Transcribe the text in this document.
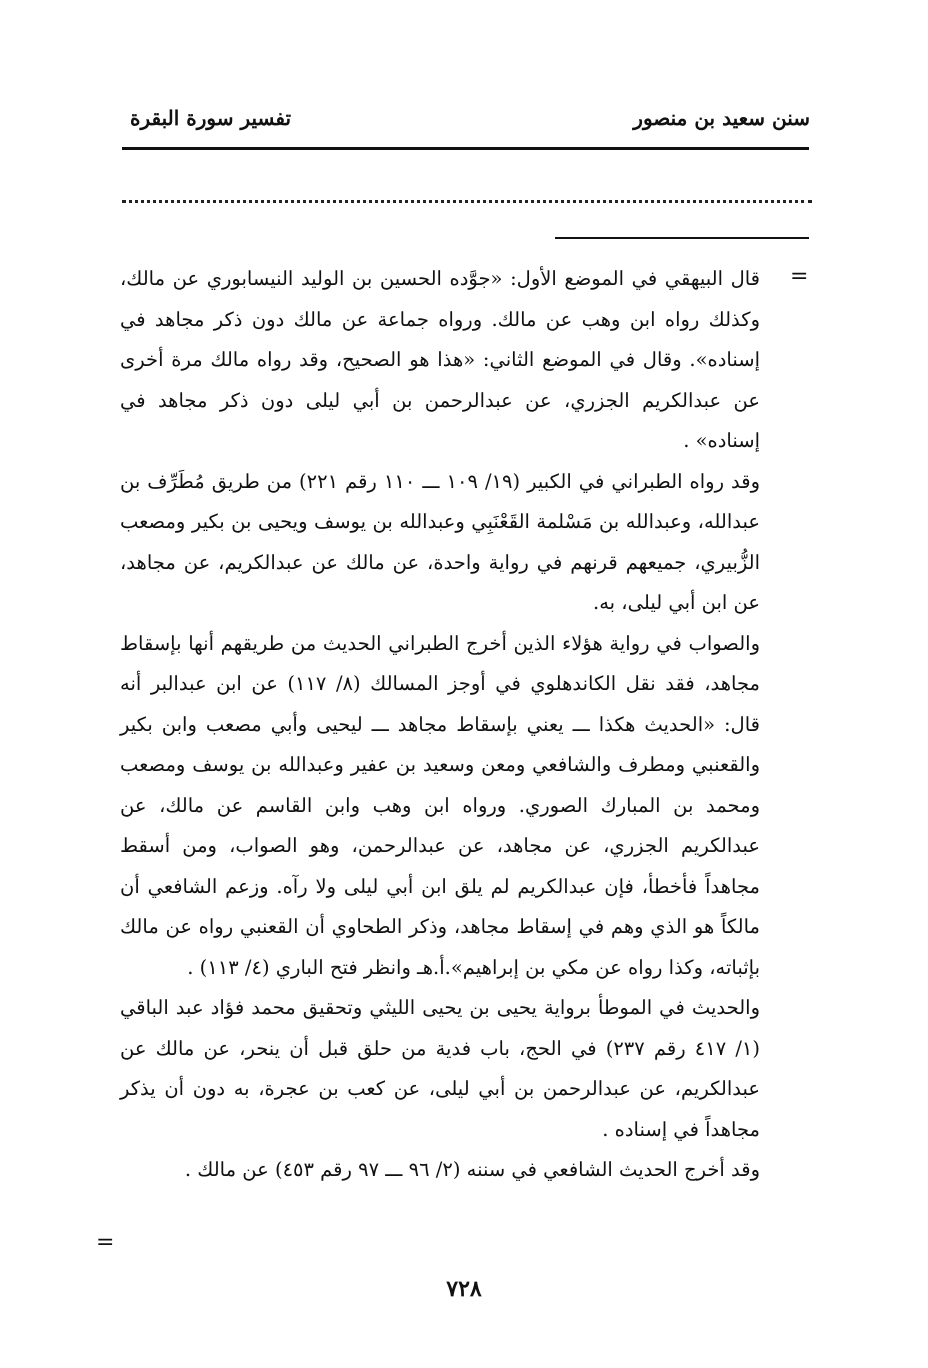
سنن سعيد بن منصور
تفسير سورة البقرة
=

قال البيهقي في الموضع الأول: «جوَّده الحسين بن الوليد النيسابوري عن مالك، وكذلك رواه ابن وهب عن مالك. ورواه جماعة عن مالك دون ذكر مجاهد في إسناده». وقال في الموضع الثاني: «هذا هو الصحيح، وقد رواه مالك مرة أخرى عن عبدالكريم الجزري، عن عبدالرحمن بن أبي ليلى دون ذكر مجاهد في إسناده» .

وقد رواه الطبراني في الكبير (١٩/ ١٠٩ ـــ ١١٠ رقم ٢٢١) من طريق مُطَرِّف بن عبدالله، وعبدالله بن مَسْلمة القَعْنَبِي وعبدالله بن يوسف ويحيى بن بكير ومصعب الزُّبيري، جميعهم قرنهم في رواية واحدة، عن مالك عن عبدالكريم، عن مجاهد، عن ابن أبي ليلى، به.

والصواب في رواية هؤلاء الذين أخرج الطبراني الحديث من طريقهم أنها بإسقاط مجاهد، فقد نقل الكاندهلوي في أوجز المسالك (٨/ ١١٧) عن ابن عبدالبر أنه قال: «الحديث هكذا ـــ يعني بإسقاط مجاهد ـــ ليحيى وأبي مصعب وابن بكير والقعنبي ومطرف والشافعي ومعن وسعيد بن عفير وعبدالله بن يوسف ومصعب ومحمد بن المبارك الصوري. ورواه ابن وهب وابن القاسم عن مالك، عن عبدالكريم الجزري، عن مجاهد، عن عبدالرحمن، وهو الصواب، ومن أسقط مجاهداً فأخطأ، فإن عبدالكريم لم يلق ابن أبي ليلى ولا رآه. وزعم الشافعي أن مالكاً هو الذي وهم في إسقاط مجاهد، وذكر الطحاوي أن القعنبي رواه عن مالك بإثباته، وكذا رواه عن مكي بن إبراهيم».أ.هـ وانظر فتح الباري (٤/ ١١٣) .

والحديث في الموطأ برواية يحيى بن يحيى الليثي وتحقيق محمد فؤاد عبد الباقي (١/ ٤١٧ رقم ٢٣٧) في الحج، باب فدية من حلق قبل أن ينحر، عن مالك عن عبدالكريم، عن عبدالرحمن بن أبي ليلى، عن كعب بن عجرة، به دون أن يذكر مجاهداً في إسناده .

وقد أخرج الحديث الشافعي في سننه (٢/ ٩٦ ـــ ٩٧ رقم ٤٥٣) عن مالك .

=
٧٢٨
